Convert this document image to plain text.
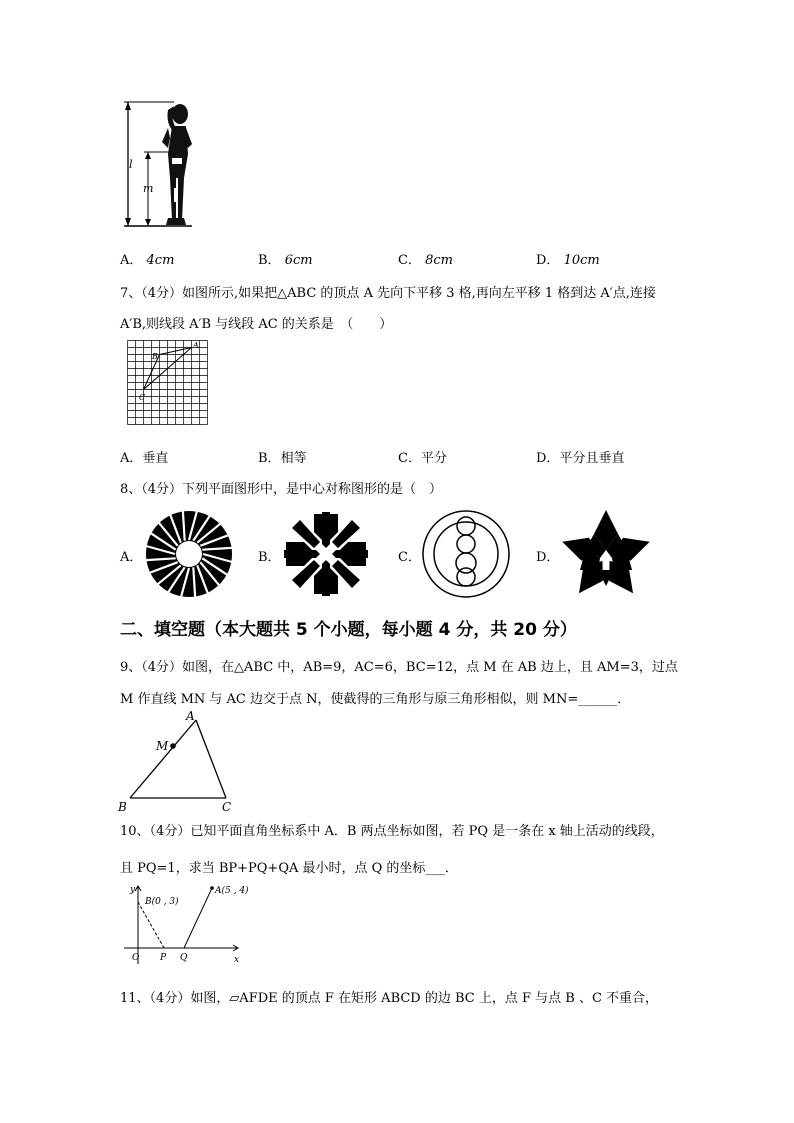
l
m
A． 4cm	B． 6cm	C． 8cm	D． 10cm
7、（4分）如图所示,如果把△ABC 的顶点 A 先向下平移 3 格,再向左平移 1 格到达 A′点,连接
A′B,则线段 A′B 与线段 AC 的关系是　（　　）
A
B
C
A．垂直	B．相等	C．平分	D．平分且垂直
8、（4分）下列平面图形中，是中心对称图形的是（　）
A．	B．	C．	D．
二、填空题（本大题共 5 个小题，每小题 4 分，共 20 分）
9、（4分）如图，在△ABC 中，AB=9，AC=6，BC=12，点 M 在 AB 边上，且 AM=3，过点
M 作直线 MN 与 AC 边交于点 N，使截得的三角形与原三角形相似，则 MN=______．
A
M
B	C
10、（4分）已知平面直角坐标系中 A．B 两点坐标如图，若 PQ 是一条在 x 轴上活动的线段，
且 PQ=1，求当 BP+PQ+QA 最小时，点 Q 的坐标___．
y
x
O P Q
B(0 , 3)
A(5 , 4)
11、（4分）如图，▱AFDE 的顶点 F 在矩形 ABCD 的边 BC 上，点 F 与点 B 、C 不重合，
